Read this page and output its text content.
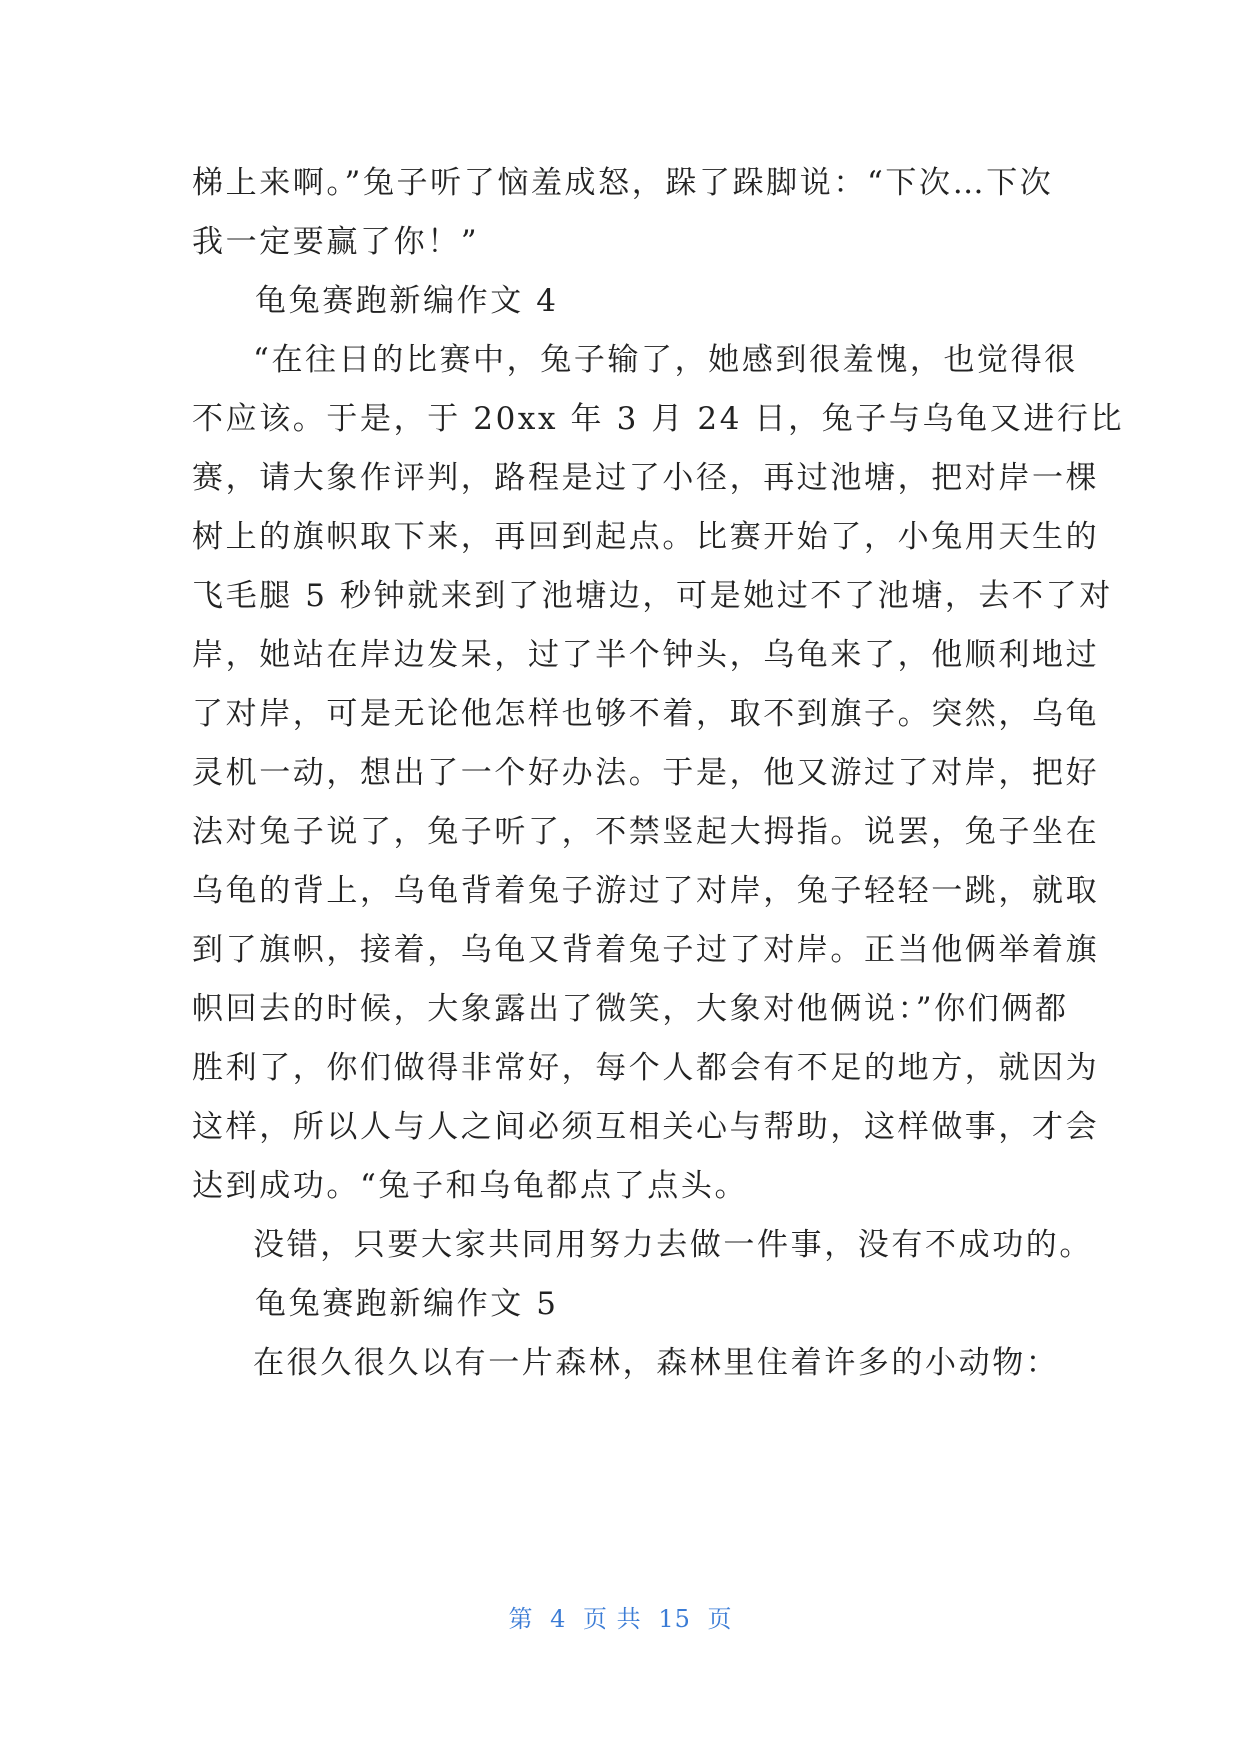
梯上来啊。”兔子听了恼羞成怒，跺了跺脚说：“下次…下次
我一定要赢了你！”
龟兔赛跑新编作文 4
“在往日的比赛中，兔子输了，她感到很羞愧，也觉得很
不应该。于是，于 20xx 年 3 月 24 日，兔子与乌龟又进行比
赛，请大象作评判，路程是过了小径，再过池塘，把对岸一棵
树上的旗帜取下来，再回到起点。比赛开始了，小兔用天生的
飞毛腿 5 秒钟就来到了池塘边，可是她过不了池塘，去不了对
岸，她站在岸边发呆，过了半个钟头，乌龟来了，他顺利地过
了对岸，可是无论他怎样也够不着，取不到旗子。突然，乌龟
灵机一动，想出了一个好办法。于是，他又游过了对岸，把好
法对兔子说了，兔子听了，不禁竖起大拇指。说罢，兔子坐在
乌龟的背上，乌龟背着兔子游过了对岸，兔子轻轻一跳，就取
到了旗帜，接着，乌龟又背着兔子过了对岸。正当他俩举着旗
帜回去的时候，大象露出了微笑，大象对他俩说：”你们俩都
胜利了，你们做得非常好，每个人都会有不足的地方，就因为
这样，所以人与人之间必须互相关心与帮助，这样做事，才会
达到成功。“兔子和乌龟都点了点头。
没错，只要大家共同用努力去做一件事，没有不成功的。
龟兔赛跑新编作文 5
在很久很久以有一片森林，森林里住着许多的小动物：
第 4 页 共 15 页
